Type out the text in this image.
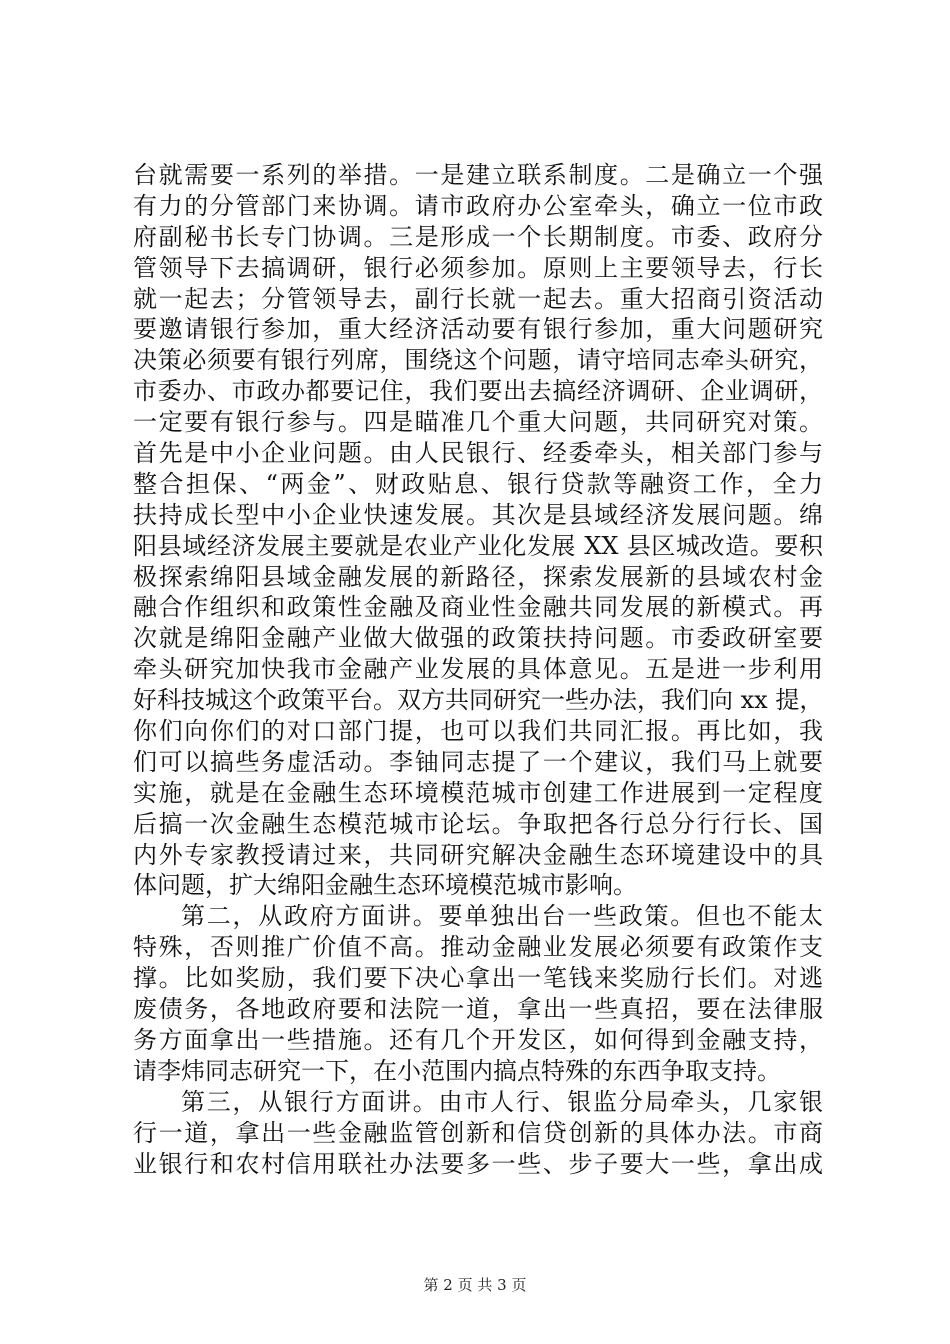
台就需要一系列的举措。一是建立联系制度。二是确立一个强
有力的分管部门来协调。请市政府办公室牵头，确立一位市政
府副秘书长专门协调。三是形成一个长期制度。市委、政府分
管领导下去搞调研，银行必须参加。原则上主要领导去，行长
就一起去；分管领导去，副行长就一起去。重大招商引资活动
要邀请银行参加，重大经济活动要有银行参加，重大问题研究
决策必须要有银行列席，围绕这个问题，请守培同志牵头研究，
市委办、市政办都要记住，我们要出去搞经济调研、企业调研，
一定要有银行参与。四是瞄准几个重大问题，共同研究对策。
首先是中小企业问题。由人民银行、经委牵头，相关部门参与
整合担保、“两金”、财政贴息、银行贷款等融资工作，全力
扶持成长型中小企业快速发展。其次是县域经济发展问题。绵
阳县域经济发展主要就是农业产业化发展 XX 县区城改造。要积
极探索绵阳县域金融发展的新路径，探索发展新的县域农村金
融合作组织和政策性金融及商业性金融共同发展的新模式。再
次就是绵阳金融产业做大做强的政策扶持问题。市委政研室要
牵头研究加快我市金融产业发展的具体意见。五是进一步利用
好科技城这个政策平台。双方共同研究一些办法，我们向 xx 提，
你们向你们的对口部门提，也可以我们共同汇报。再比如，我
们可以搞些务虚活动。李铀同志提了一个建议，我们马上就要
实施，就是在金融生态环境模范城市创建工作进展到一定程度
后搞一次金融生态模范城市论坛。争取把各行总分行行长、国
内外专家教授请过来，共同研究解决金融生态环境建设中的具
体问题，扩大绵阳金融生态环境模范城市影响。
第二，从政府方面讲。要单独出台一些政策。但也不能太
特殊，否则推广价值不高。推动金融业发展必须要有政策作支
撑。比如奖励，我们要下决心拿出一笔钱来奖励行长们。对逃
废债务，各地政府要和法院一道，拿出一些真招，要在法律服
务方面拿出一些措施。还有几个开发区，如何得到金融支持，
请李炜同志研究一下，在小范围内搞点特殊的东西争取支持。
第三，从银行方面讲。由市人行、银监分局牵头，几家银
行一道，拿出一些金融监管创新和信贷创新的具体办法。市商
业银行和农村信用联社办法要多一些、步子要大一些，拿出成
第 2 页 共 3 页
